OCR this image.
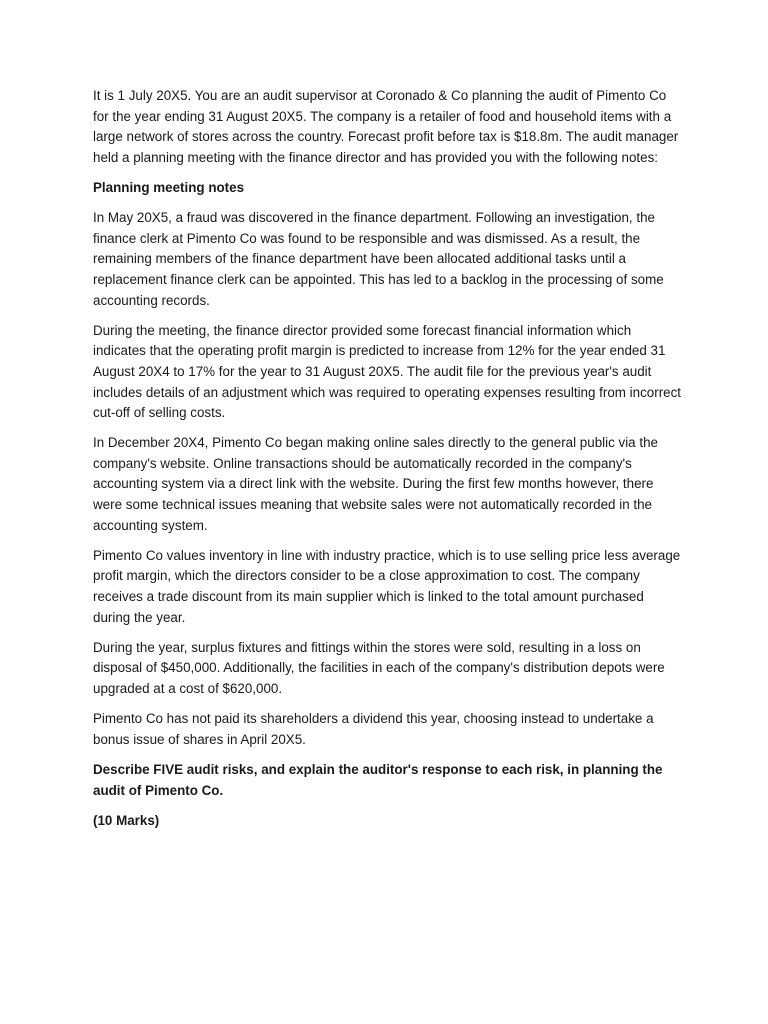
It is 1 July 20X5. You are an audit supervisor at Coronado & Co planning the audit of Pimento Co for the year ending 31 August 20X5. The company is a retailer of food and household items with a large network of stores across the country. Forecast profit before tax is $18.8m. The audit manager held a planning meeting with the finance director and has provided you with the following notes:

Planning meeting notes

In May 20X5, a fraud was discovered in the finance department. Following an investigation, the finance clerk at Pimento Co was found to be responsible and was dismissed. As a result, the remaining members of the finance department have been allocated additional tasks until a replacement finance clerk can be appointed. This has led to a backlog in the processing of some accounting records.

During the meeting, the finance director provided some forecast financial information which indicates that the operating profit margin is predicted to increase from 12% for the year ended 31 August 20X4 to 17% for the year to 31 August 20X5. The audit file for the previous year's audit includes details of an adjustment which was required to operating expenses resulting from incorrect cut-off of selling costs.

In December 20X4, Pimento Co began making online sales directly to the general public via the company's website. Online transactions should be automatically recorded in the company's accounting system via a direct link with the website. During the first few months however, there were some technical issues meaning that website sales were not automatically recorded in the accounting system.

Pimento Co values inventory in line with industry practice, which is to use selling price less average profit margin, which the directors consider to be a close approximation to cost. The company receives a trade discount from its main supplier which is linked to the total amount purchased during the year.

During the year, surplus fixtures and fittings within the stores were sold, resulting in a loss on disposal of $450,000. Additionally, the facilities in each of the company's distribution depots were upgraded at a cost of $620,000.

Pimento Co has not paid its shareholders a dividend this year, choosing instead to undertake a bonus issue of shares in April 20X5.

Describe FIVE audit risks, and explain the auditor's response to each risk, in planning the audit of Pimento Co.

(10 Marks)
